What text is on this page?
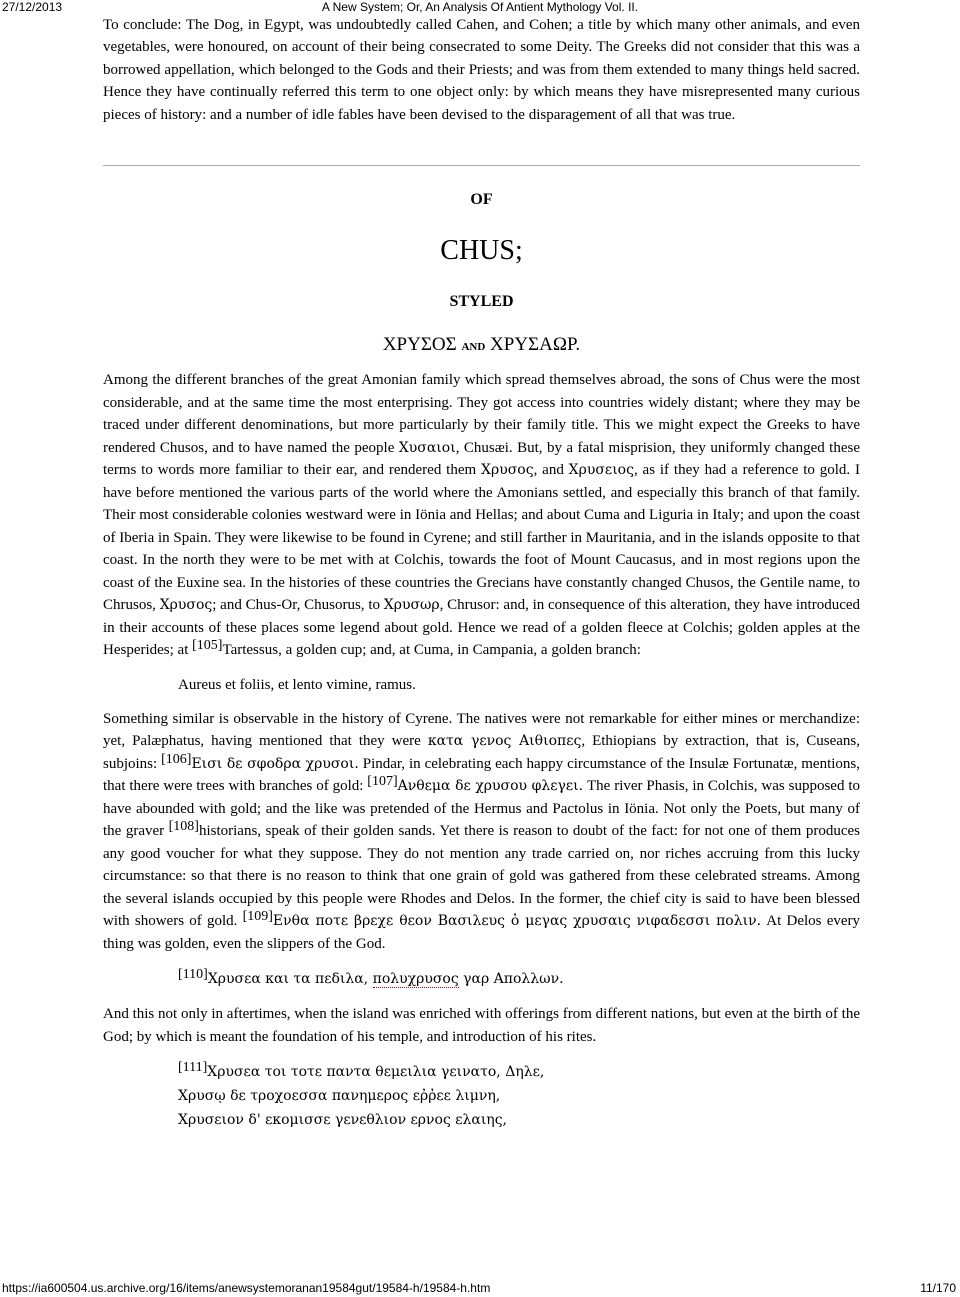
27/12/2013	A New System; Or, An Analysis Of Antient Mythology Vol. II.

To conclude: The Dog, in Egypt, was undoubtedly called Cahen, and Cohen; a title by which many other animals, and even vegetables, were honoured, on account of their being consecrated to some Deity. The Greeks did not consider that this was a borrowed appellation, which belonged to the Gods and their Priests; and was from them extended to many things held sacred. Hence they have continually referred this term to one object only: by which means they have misrepresented many curious pieces of history: and a number of idle fables have been devised to the disparagement of all that was true.

OF
CHUS;
STYLED
ΧΡΥΣΟΣ AND ΧΡΥΣΑΩΡ.

Among the different branches of the great Amonian family which spread themselves abroad, the sons of Chus were the most considerable, and at the same time the most enterprising. They got access into countries widely distant; where they may be traced under different denominations, but more particularly by their family title. This we might expect the Greeks to have rendered Chusos, and to have named the people Χυσαιοι, Chusæi. But, by a fatal misprision, they uniformly changed these terms to words more familiar to their ear, and rendered them Χρυσος, and Χρυσειος, as if they had a reference to gold. I have before mentioned the various parts of the world where the Amonians settled, and especially this branch of that family. Their most considerable colonies westward were in Iönia and Hellas; and about Cuma and Liguria in Italy; and upon the coast of Iberia in Spain. They were likewise to be found in Cyrene; and still farther in Mauritania, and in the islands opposite to that coast. In the north they were to be met with at Colchis, towards the foot of Mount Caucasus, and in most regions upon the coast of the Euxine sea. In the histories of these countries the Grecians have constantly changed Chusos, the Gentile name, to Chrusos, Χρυσος; and Chus-Or, Chusorus, to Χρυσωρ, Chrusor: and, in consequence of this alteration, they have introduced in their accounts of these places some legend about gold. Hence we read of a golden fleece at Colchis; golden apples at the Hesperides; at [105]Tartessus, a golden cup; and, at Cuma, in Campania, a golden branch:

Aureus et foliis, et lento vimine, ramus.

Something similar is observable in the history of Cyrene. The natives were not remarkable for either mines or merchandize: yet, Palæphatus, having mentioned that they were κατα γενος Αιθιοπες, Ethiopians by extraction, that is, Cuseans, subjoins: [106]Εισι δε σφοδρα χρυσοι. Pindar, in celebrating each happy circumstance of the Insulæ Fortunatæ, mentions, that there were trees with branches of gold: [107]Ανθεμα δε χρυσου φλεγει. The river Phasis, in Colchis, was supposed to have abounded with gold; and the like was pretended of the Hermus and Pactolus in Iönia. Not only the Poets, but many of the graver [108]historians, speak of their golden sands. Yet there is reason to doubt of the fact: for not one of them produces any good voucher for what they suppose. They do not mention any trade carried on, nor riches accruing from this lucky circumstance: so that there is no reason to think that one grain of gold was gathered from these celebrated streams. Among the several islands occupied by this people were Rhodes and Delos. In the former, the chief city is said to have been blessed with showers of gold. [109]Ενθα ποτε βρεχε θεον Βασιλευς ὁ μεγας χρυσαις νιφαδεσσι πολιν. At Delos every thing was golden, even the slippers of the God.

[110]Χρυσεα και τα πεδιλα, πολυχρυσος γαρ Απολλων.

And this not only in aftertimes, when the island was enriched with offerings from different nations, but even at the birth of the God; by which is meant the foundation of his temple, and introduction of his rites.

[111]Χρυσεα τοι τοτε παντα θεμειλια γεινατο, Δηλε,
Χρυσῳ δε τροχοεσσα πανημερος εῤῤεε λιμνη,
Χρυσειον δ' εκομισσε γενεθλιον ερνος ελαιης,
https://ia600504.us.archive.org/16/items/anewsystemoranan19584gut/19584-h/19584-h.htm	11/170
